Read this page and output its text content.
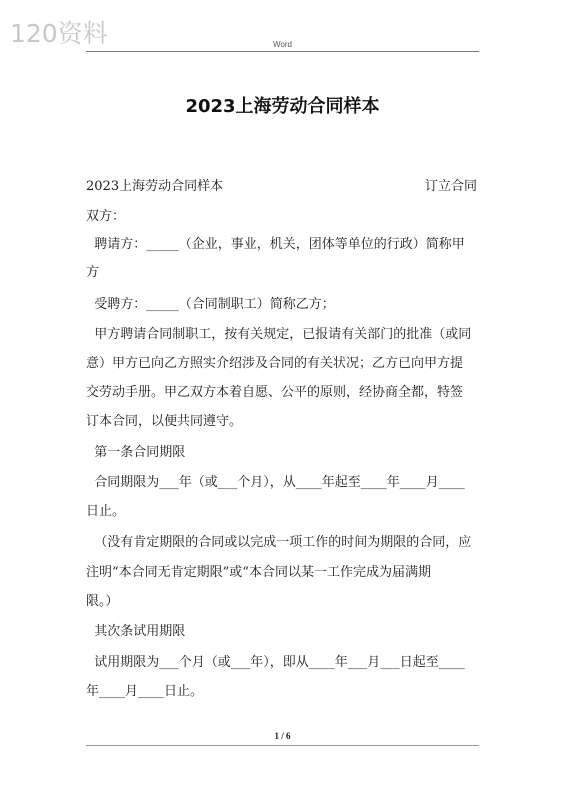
120资料	Word
2023上海劳动合同样本
2023上海劳动合同样本	订立合同
双方：
聘请方：_____（企业，事业，机关，团体等单位的行政）简称甲
方
受聘方：_____（合同制职工）简称乙方；
甲方聘请合同制职工，按有关规定，已报请有关部门的批准（或同
意）甲方已向乙方照实介绍涉及合同的有关状况；乙方已向甲方提
交劳动手册。甲乙双方本着自愿、公平的原则，经协商全都，特签
订本合同，以便共同遵守。
第一条合同期限
合同期限为___年（或___个月），从____年起至____年____月____
日止。
（没有肯定期限的合同或以完成一项工作的时间为期限的合同，应
注明“本合同无肯定期限”或“本合同以某一工作完成为届满期
限。）
其次条试用期限
试用期限为___个月（或___年），即从____年___月___日起至____
年____月____日止。
1 / 6
